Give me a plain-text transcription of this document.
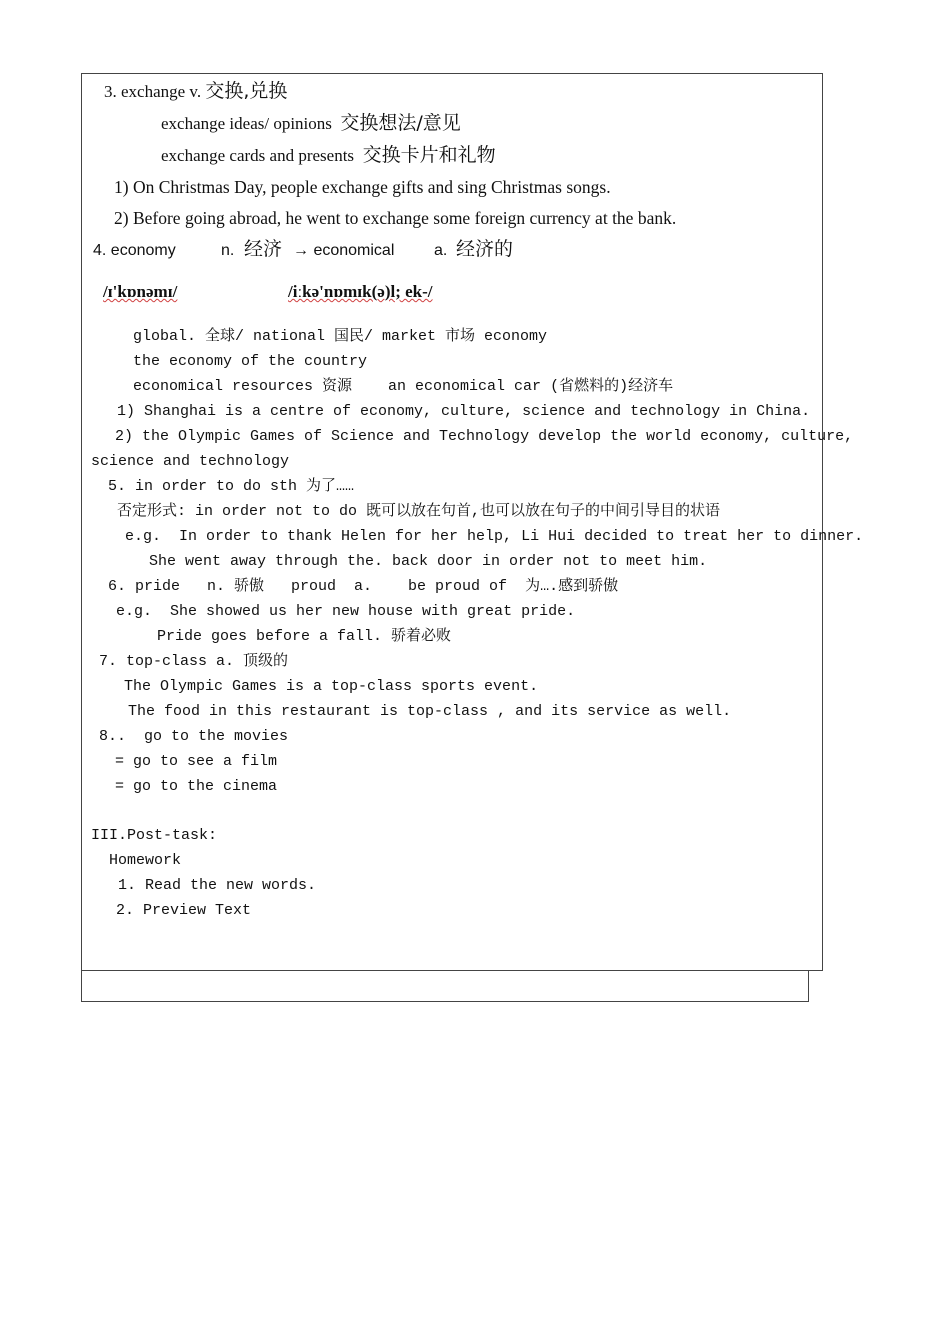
3. exchange v. 交换,兑换
exchange ideas/ opinions 交换想法/意见
exchange cards and presents 交换卡片和礼物
1) On Christmas Day, people exchange gifts and sing Christmas songs.
2) Before going abroad, he went to exchange some foreign currency at the bank.
4. economy	n. 经济 → economical a. 经济的
/ɪ'kɒnəmɪ/	/iːkə'nɒmɪk(ə)l; ek-/
global. 全球/ national 国民/ market 市场 economy
the economy of the country
economical resources 资源    an economical car (省燃料的)经济车
1) Shanghai is a centre of economy, culture, science and technology in China.
2) the Olympic Games of Science and Technology develop the world economy, culture,
science and technology
5. in order to do sth 为了……
否定形式: in order not to do 既可以放在句首,也可以放在句子的中间引导目的状语
e.g.  In order to thank Helen for her help, Li Hui decided to treat her to dinner.
She went away through the. back door in order not to meet him.
6. pride   n. 骄傲   proud  a.    be proud of  为….感到骄傲
e.g.  She showed us her new house with great pride.
Pride goes before a fall. 骄着必败
7. top-class a. 顶级的
The Olympic Games is a top-class sports event.
The food in this restaurant is top-class , and its service as well.
8..  go to the movies
= go to see a film
= go to the cinema
III.Post-task:
Homework
1. Read the new words.
2. Preview Text
